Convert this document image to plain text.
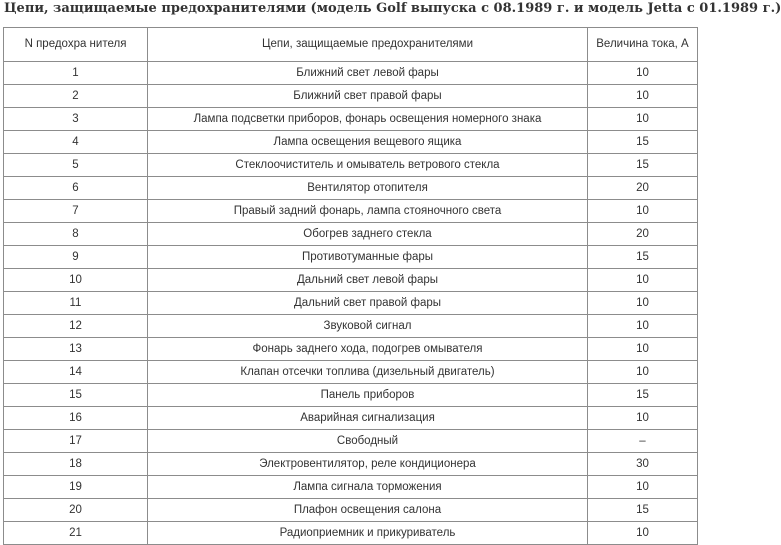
Цепи, защищаемые предохранителями (модель Golf выпуска с 08.1989 г. и модель Jetta с 01.1989 г.)
N предохра нителя	Цепи, защищаемые предохранителями	Величина тока, А
1	Ближний свет левой фары	10
2	Ближний свет правой фары	10
3	Лампа подсветки приборов, фонарь освещения номерного знака	10
4	Лампа освещения вещевого ящика	15
5	Стеклоочиститель и омыватель ветрового стекла	15
6	Вентилятор отопителя	20
7	Правый задний фонарь, лампа стояночного света	10
8	Обогрев заднего стекла	20
9	Противотуманные фары	15
10	Дальний свет левой фары	10
11	Дальний свет правой фары	10
12	Звуковой сигнал	10
13	Фонарь заднего хода, подогрев омывателя	10
14	Клапан отсечки топлива (дизельный двигатель)	10
15	Панель приборов	15
16	Аварийная сигнализация	10
17	Свободный	–
18	Электровентилятор, реле кондиционера	30
19	Лампа сигнала торможения	10
20	Плафон освещения салона	15
21	Радиоприемник и прикуриватель	10
